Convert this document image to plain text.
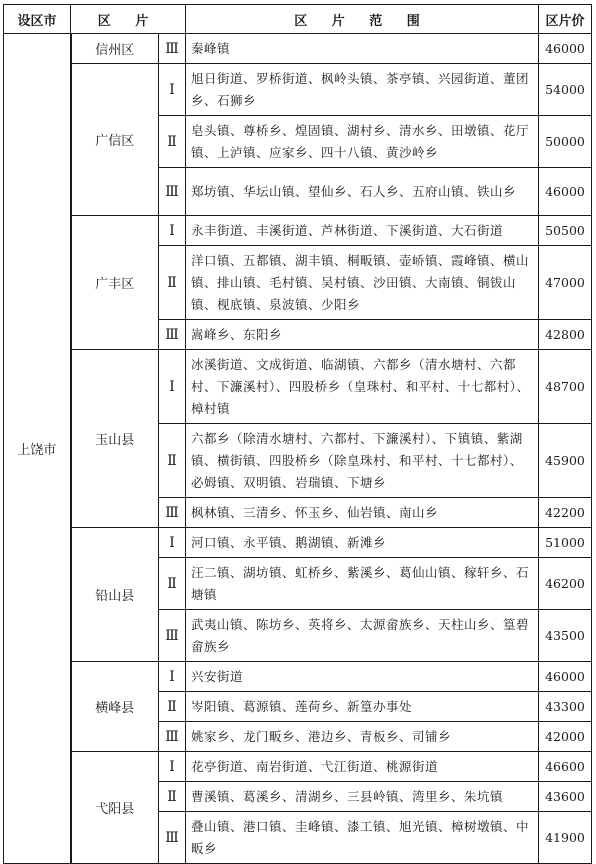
设区市	区 片		区 片 范 围	区片价
上饶市	信州区	Ⅲ	秦峰镇	46000
	广信区	Ⅰ	旭日街道、罗桥街道、枫岭头镇、茶亭镇、兴园街道、董团乡、石狮乡	54000
		Ⅱ	皂头镇、尊桥乡、煌固镇、湖村乡、清水乡、田墩镇、花厅镇、上泸镇、应家乡、四十八镇、黄沙岭乡	50000
		Ⅲ	郑坊镇、华坛山镇、望仙乡、石人乡、五府山镇、铁山乡	46000
	广丰区	Ⅰ	永丰街道、丰溪街道、芦林街道、下溪街道、大石街道	50500
		Ⅱ	洋口镇、五都镇、湖丰镇、桐畈镇、壶峤镇、霞峰镇、横山镇、排山镇、毛村镇、吴村镇、沙田镇、大南镇、铜钹山镇、枧底镇、泉波镇、少阳乡	47000
		Ⅲ	嵩峰乡、东阳乡	42800
	玉山县	Ⅰ	冰溪街道、文成街道、临湖镇、六都乡（清水塘村、六都村、下濂溪村）、四股桥乡（皇珠村、和平村、十七都村）、樟村镇	48700
		Ⅱ	六都乡（除清水塘村、六都村、下濂溪村）、下镇镇、紫湖镇、横街镇、四股桥乡（除皇珠村、和平村、十七都村）、必姆镇、双明镇、岩瑞镇、下塘乡	45900
		Ⅲ	枫林镇、三清乡、怀玉乡、仙岩镇、南山乡	42200
	铅山县	Ⅰ	河口镇、永平镇、鹅湖镇、新滩乡	51000
		Ⅱ	汪二镇、湖坊镇、虹桥乡、紫溪乡、葛仙山镇、稼轩乡、石塘镇	46200
		Ⅲ	武夷山镇、陈坊乡、英将乡、太源畲族乡、天柱山乡、篁碧畲族乡	43500
	横峰县	Ⅰ	兴安街道	46000
		Ⅱ	岑阳镇、葛源镇、莲荷乡、新篁办事处	43300
		Ⅲ	姚家乡、龙门畈乡、港边乡、青板乡、司铺乡	42000
	弋阳县	Ⅰ	花亭街道、南岩街道、弋江街道、桃源街道	46600
		Ⅱ	曹溪镇、葛溪乡、清湖乡、三县岭镇、湾里乡、朱坑镇	43600
		Ⅲ	叠山镇、港口镇、圭峰镇、漆工镇、旭光镇、樟树墩镇、中畈乡	41900
